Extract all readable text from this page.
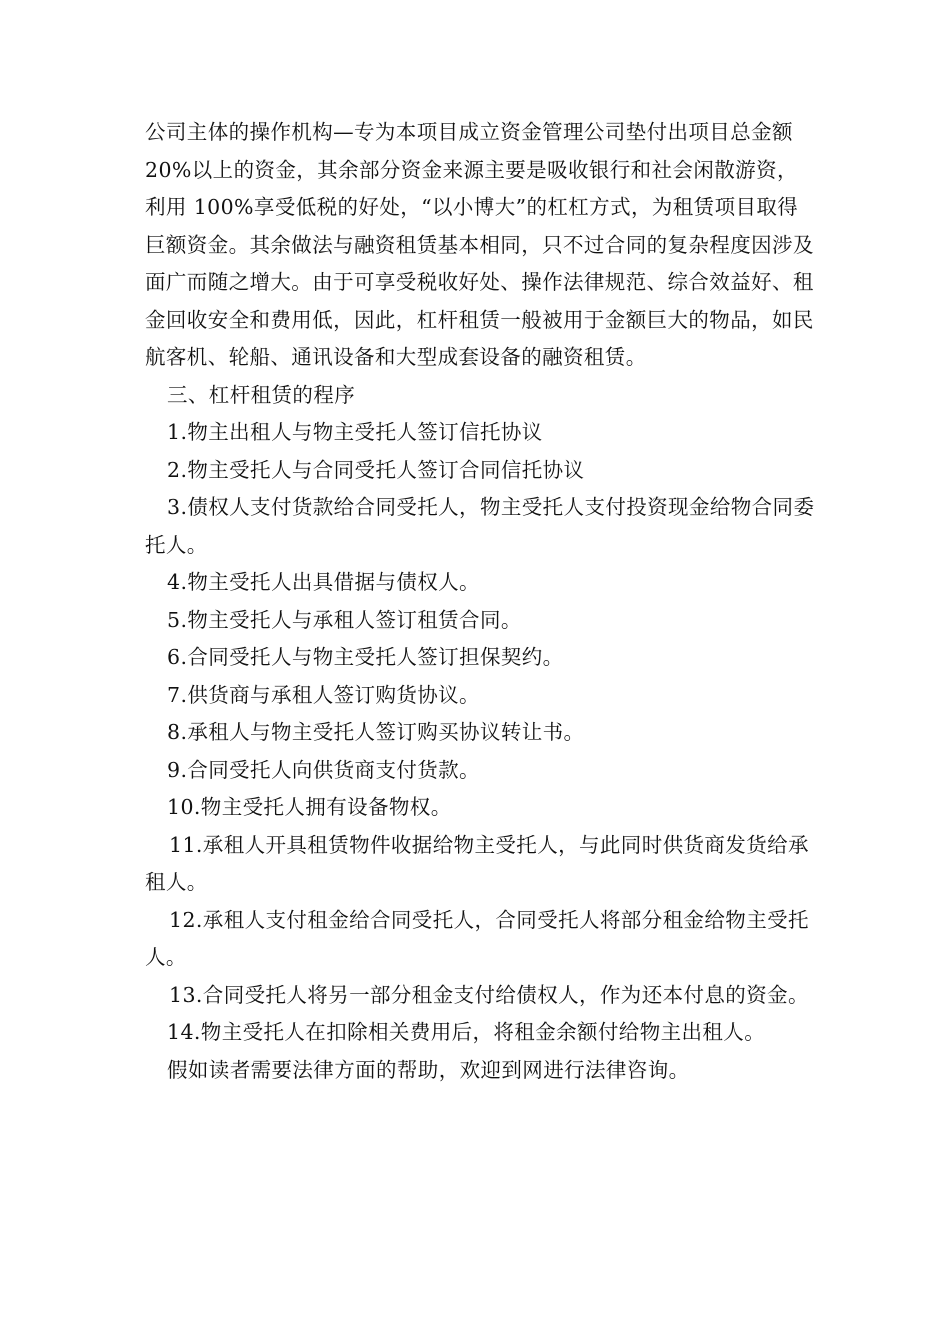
公司主体的操作机构—专为本项目成立资金管理公司垫付出项目总金额 20%以上的资金，其余部分资金来源主要是吸收银行和社会闲散游资，利用 100%享受低税的好处，“以小博大”的杠杠方式，为租赁项目取得巨额资金。其余做法与融资租赁基本相同，只不过合同的复杂程度因涉及面广而随之增大。由于可享受税收好处、操作法律规范、综合效益好、租金回收安全和费用低，因此，杠杆租赁一般被用于金额巨大的物品，如民航客机、轮船、通讯设备和大型成套设备的融资租赁。

三、杠杆租赁的程序

1.物主出租人与物主受托人签订信托协议

2.物主受托人与合同受托人签订合同信托协议

3.债权人支付货款给合同受托人，物主受托人支付投资现金给物合同委托人。

4.物主受托人出具借据与债权人。

5.物主受托人与承租人签订租赁合同。

6.合同受托人与物主受托人签订担保契约。

7.供货商与承租人签订购货协议。

8.承租人与物主受托人签订购买协议转让书。

9.合同受托人向供货商支付货款。

10.物主受托人拥有设备物权。

11.承租人开具租赁物件收据给物主受托人，与此同时供货商发货给承租人。

12.承租人支付租金给合同受托人，合同受托人将部分租金给物主受托人。

13.合同受托人将另一部分租金支付给债权人，作为还本付息的资金。

14.物主受托人在扣除相关费用后，将租金余额付给物主出租人。

假如读者需要法律方面的帮助，欢迎到网进行法律咨询。
